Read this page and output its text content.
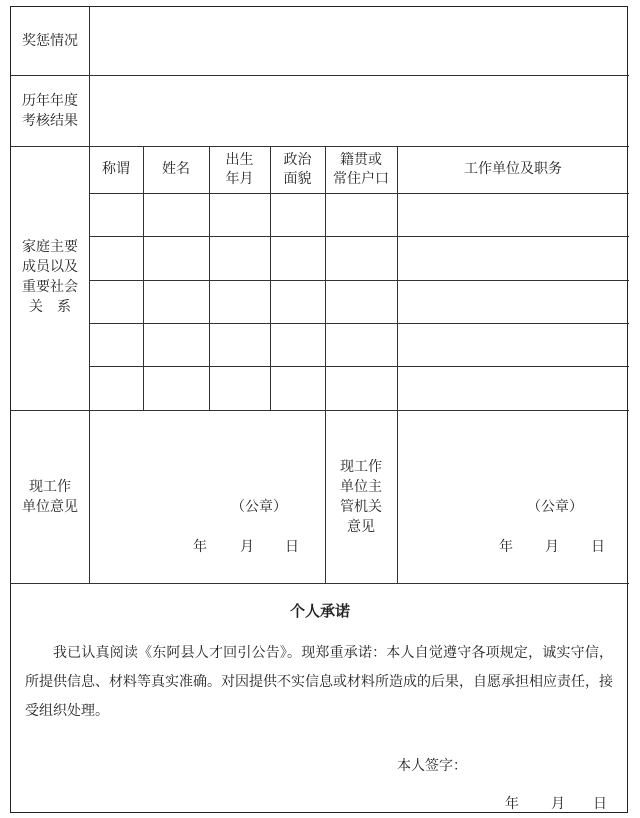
奖惩情况
历年年度
考核结果
家庭主要
成员以及
重要社会
关　系
称谓	姓名
出生
年月
政治
面貌
籍贯或
常住户口
工作单位及职务
现工作
单位意见
现工作
单位主
管机关
意见
（公章）
年 月 日
（公章）
年 月 日
个人承诺
我已认真阅读《东阿县人才回引公告》。现郑重承诺：本人自觉遵守各项规定，诚实守信，所提供信息、材料等真实准确。对因提供不实信息或材料所造成的后果，自愿承担相应责任，接受组织处理。
本人签字：
年 月 日
